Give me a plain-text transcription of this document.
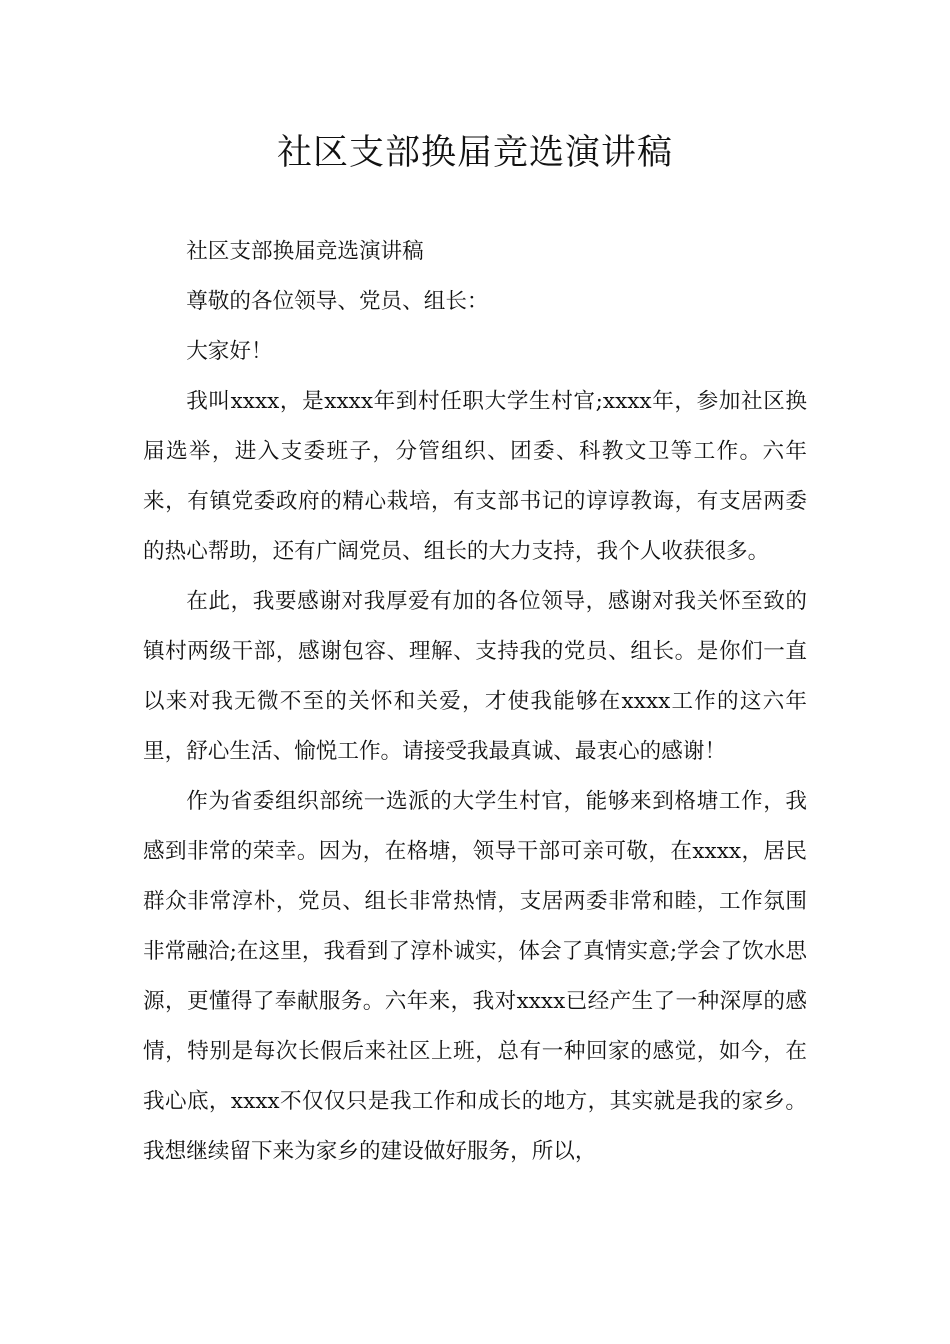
社区支部换届竞选演讲稿

社区支部换届竞选演讲稿

尊敬的各位领导、党员、组长：

大家好！

我叫xxxx，是xxxx年到村任职大学生村官;xxxx年，参加社区换届选举，进入支委班子，分管组织、团委、科教文卫等工作。六年来，有镇党委政府的精心栽培，有支部书记的谆谆教诲，有支居两委的热心帮助，还有广阔党员、组长的大力支持，我个人收获很多。

在此，我要感谢对我厚爱有加的各位领导，感谢对我关怀至致的镇村两级干部，感谢包容、理解、支持我的党员、组长。是你们一直以来对我无微不至的关怀和关爱，才使我能够在xxxx工作的这六年里，舒心生活、愉悦工作。请接受我最真诚、最衷心的感谢！

作为省委组织部统一选派的大学生村官，能够来到格塘工作，我感到非常的荣幸。因为，在格塘，领导干部可亲可敬，在xxxx，居民群众非常淳朴，党员、组长非常热情，支居两委非常和睦，工作氛围非常融洽;在这里，我看到了淳朴诚实，体会了真情实意;学会了饮水思源，更懂得了奉献服务。六年来，我对xxxx已经产生了一种深厚的感情，特别是每次长假后来社区上班，总有一种回家的感觉，如今，在我心底，xxxx不仅仅只是我工作和成长的地方，其实就是我的家乡。我想继续留下来为家乡的建设做好服务，所以，
